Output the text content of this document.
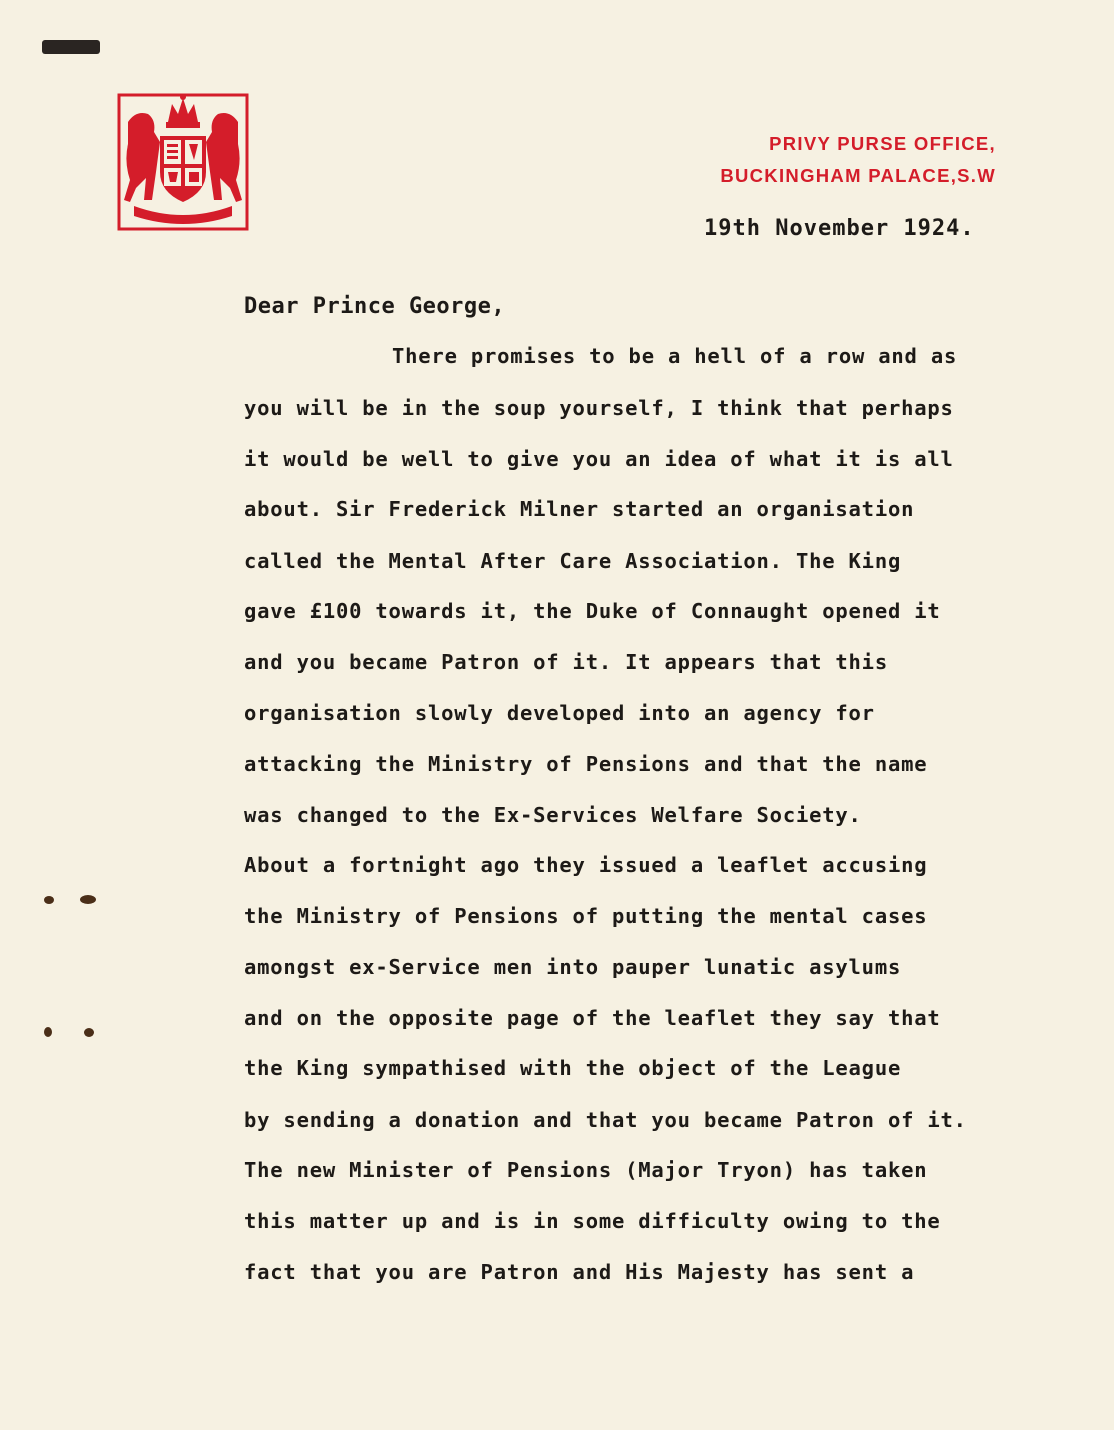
PRIVY PURSE OFFICE,
BUCKINGHAM PALACE,S.W
19th November 1924.
Dear Prince George,
There promises to be a hell of a row and as
you will be in the soup yourself, I think that perhaps
it would be well to give you an idea of what it is all
about. Sir Frederick Milner started an organisation
called the Mental After Care Association. The King
gave £100 towards it, the Duke of Connaught opened it
and you became Patron of it. It appears that this
organisation slowly developed into an agency for
attacking the Ministry of Pensions and that the name
was changed to the Ex-Services Welfare Society.
About a fortnight ago they issued a leaflet accusing
the Ministry of Pensions of putting the mental cases
amongst ex-Service men into pauper lunatic asylums
and on the opposite page of the leaflet they say that
the King sympathised with the object of the League
by sending a donation and that you became Patron of it.
The new Minister of Pensions (Major Tryon) has taken
this matter up and is in some difficulty owing to the
fact that you are Patron and His Majesty has sent a
